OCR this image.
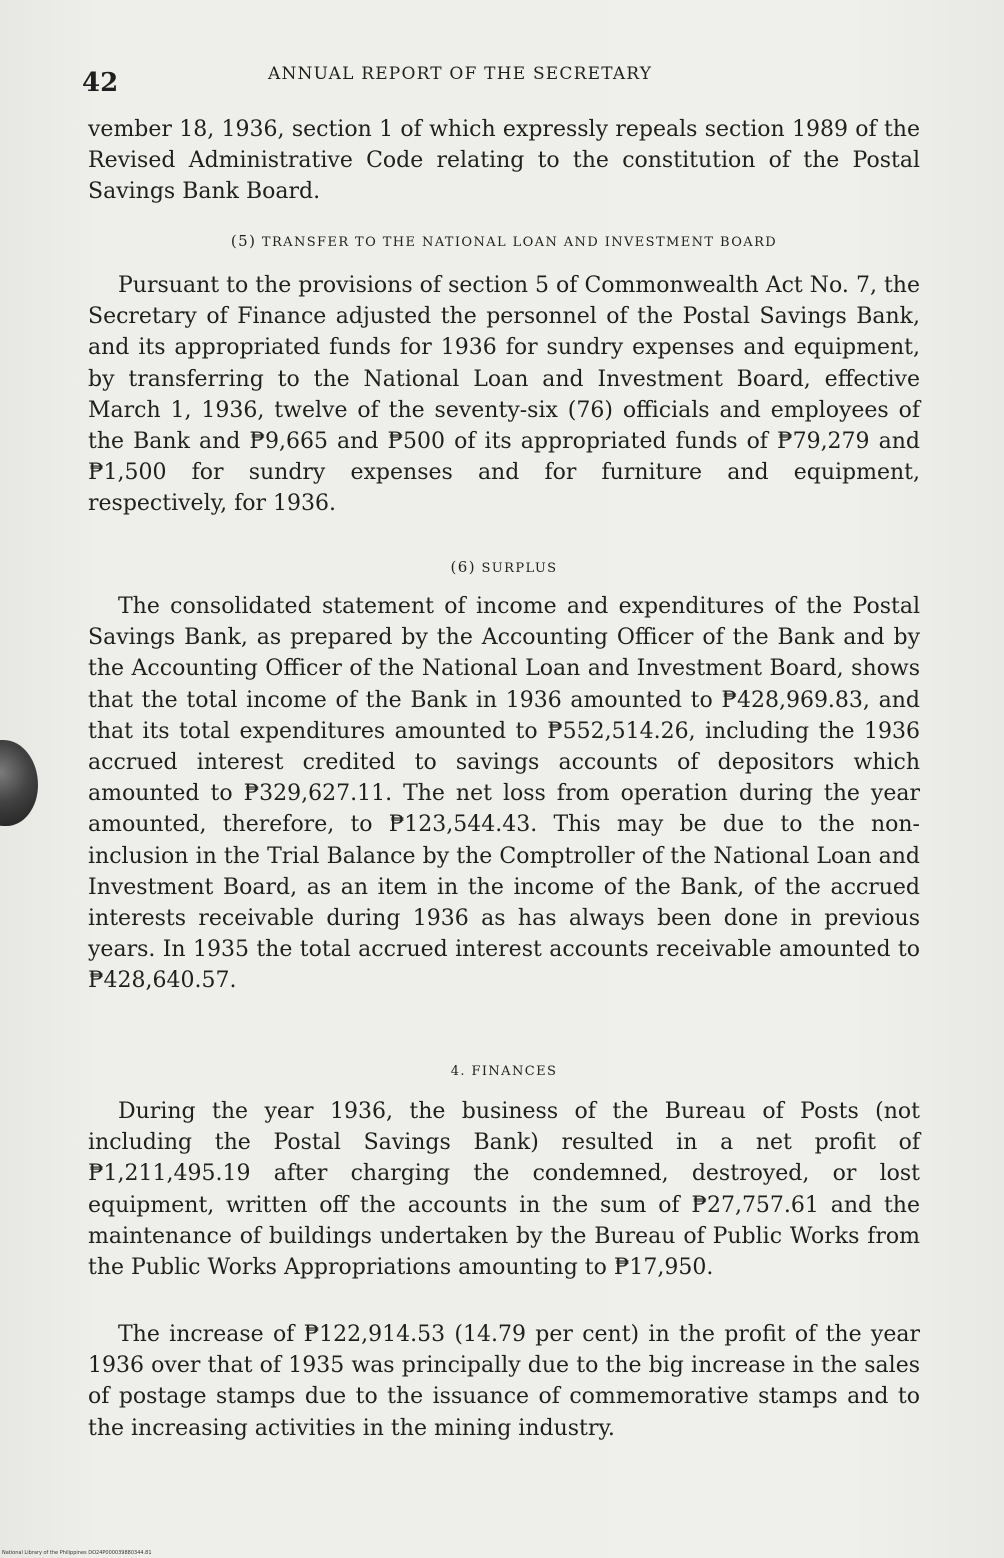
42	ANNUAL REPORT OF THE SECRETARY

vember 18, 1936, section 1 of which expressly repeals section 1989 of the Revised Administrative Code relating to the constitution of the Postal Savings Bank Board.

(5) TRANSFER TO THE NATIONAL LOAN AND INVESTMENT BOARD

Pursuant to the provisions of section 5 of Commonwealth Act No. 7, the Secretary of Finance adjusted the personnel of the Postal Savings Bank, and its appropriated funds for 1936 for sundry expenses and equipment, by transferring to the National Loan and Investment Board, effective March 1, 1936, twelve of the seventy-six (76) officials and employees of the Bank and ₱9,665 and ₱500 of its appropriated funds of ₱79,279 and ₱1,500 for sundry expenses and for furniture and equipment, respectively, for 1936.

(6) SURPLUS

The consolidated statement of income and expenditures of the Postal Savings Bank, as prepared by the Accounting Officer of the Bank and by the Accounting Officer of the National Loan and Investment Board, shows that the total income of the Bank in 1936 amounted to ₱428,969.83, and that its total expenditures amounted to ₱552,514.26, including the 1936 accrued interest credited to savings accounts of depositors which amounted to ₱329,627.11. The net loss from operation during the year amounted, therefore, to ₱123,544.43. This may be due to the non-inclusion in the Trial Balance by the Comptroller of the National Loan and Investment Board, as an item in the income of the Bank, of the accrued interests receivable during 1936 as has always been done in previous years. In 1935 the total accrued interest accounts receivable amounted to ₱428,640.57.

4. FINANCES

During the year 1936, the business of the Bureau of Posts (not including the Postal Savings Bank) resulted in a net profit of ₱1,211,495.19 after charging the condemned, destroyed, or lost equipment, written off the accounts in the sum of ₱27,757.61 and the maintenance of buildings undertaken by the Bureau of Public Works from the Public Works Appropriations amounting to ₱17,950.

The increase of ₱122,914.53 (14.79 per cent) in the profit of the year 1936 over that of 1935 was principally due to the big increase in the sales of postage stamps due to the issuance of commemorative stamps and to the increasing activities in the mining industry.

National Library of the Philippines DO24P000039880344.81
